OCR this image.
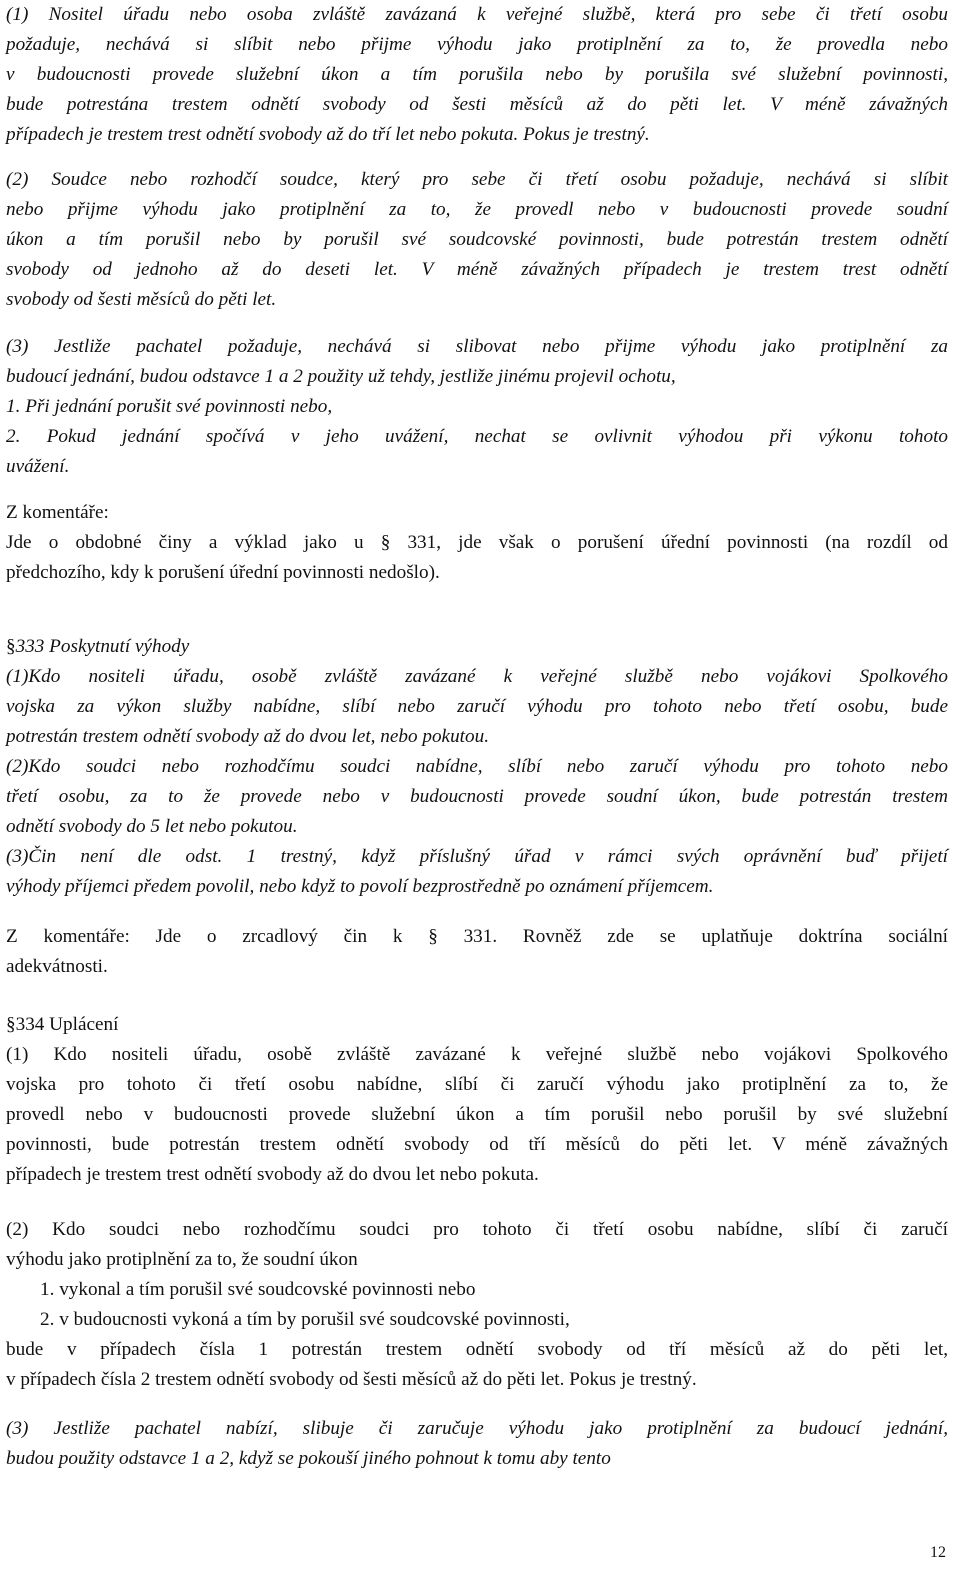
(1) Nositel úřadu nebo osoba zvláště zavázaná k veřejné službě, která pro sebe či třetí osobu
požaduje, nechává si slíbit nebo přijme výhodu jako protiplnění za to, že provedla nebo
v budoucnosti provede služební úkon a tím porušila nebo by porušila své služební povinnosti,
bude potrestána trestem odnětí svobody od šesti měsíců až do pěti let. V méně závažných
případech je trestem trest odnětí svobody až do tří let nebo pokuta. Pokus je trestný.
(2) Soudce nebo rozhodčí soudce, který pro sebe či třetí osobu požaduje, nechává si slíbit
nebo přijme výhodu jako protiplnění za to, že provedl nebo v budoucnosti provede soudní
úkon a tím porušil nebo by porušil své soudcovské povinnosti, bude potrestán trestem odnětí
svobody od jednoho až do deseti let. V méně závažných případech je trestem trest odnětí
svobody od šesti měsíců do pěti let.
(3) Jestliže pachatel požaduje, nechává si slibovat nebo přijme výhodu jako protiplnění za
budoucí jednání, budou odstavce 1 a 2 použity už tehdy, jestliže jinému projevil ochotu,
1. Při jednání porušit své povinnosti nebo,
2. Pokud jednání spočívá v jeho uvážení, nechat se ovlivnit výhodou při výkonu tohoto
uvážení.
Z komentáře:
Jde o obdobné činy a výklad jako u § 331, jde však o porušení úřední povinnosti (na rozdíl od
předchozího, kdy k porušení úřední povinnosti nedošlo).
§333 Poskytnutí výhody
(1)Kdo nositeli úřadu, osobě zvláště zavázané k veřejné službě nebo vojákovi Spolkového
vojska za výkon služby nabídne, slíbí nebo zaručí výhodu pro tohoto nebo třetí osobu, bude
potrestán trestem odnětí svobody až do dvou let, nebo pokutou.
(2)Kdo soudci nebo rozhodčímu soudci nabídne, slíbí nebo zaručí výhodu pro tohoto nebo
třetí osobu, za to že provede nebo v budoucnosti provede soudní úkon, bude potrestán trestem
odnětí svobody do 5 let nebo pokutou.
(3)Čin není dle odst. 1 trestný, když příslušný úřad v rámci svých oprávnění buď přijetí
výhody příjemci předem povolil, nebo když to povolí bezprostředně po oznámení příjemcem.
Z komentáře: Jde o zrcadlový čin k § 331. Rovněž zde se uplatňuje doktrína sociální
adekvátnosti.
§334 Uplácení
(1) Kdo nositeli úřadu, osobě zvláště zavázané k veřejné službě nebo vojákovi Spolkového
vojska pro tohoto či třetí osobu nabídne, slíbí či zaručí výhodu jako protiplnění za to, že
provedl nebo v budoucnosti provede služební úkon a tím porušil nebo porušil by své služební
povinnosti, bude potrestán trestem odnětí svobody od tří měsíců do pěti let. V méně závažných
případech je trestem trest odnětí svobody až do dvou let nebo pokuta.
(2) Kdo soudci nebo rozhodčímu soudci pro tohoto či třetí osobu nabídne, slíbí či zaručí
výhodu jako protiplnění za to, že soudní úkon
1. vykonal a tím porušil své soudcovské povinnosti nebo
2. v budoucnosti vykoná a tím by porušil své soudcovské povinnosti,
bude v případech čísla 1 potrestán trestem odnětí svobody od tří měsíců až do pěti let,
v případech čísla 2 trestem odnětí svobody od šesti měsíců až do pěti let. Pokus je trestný.
(3) Jestliže pachatel nabízí, slibuje či zaručuje výhodu jako protiplnění za budoucí jednání,
budou použity odstavce 1 a 2, když se pokouší jiného pohnout k tomu aby tento
12
